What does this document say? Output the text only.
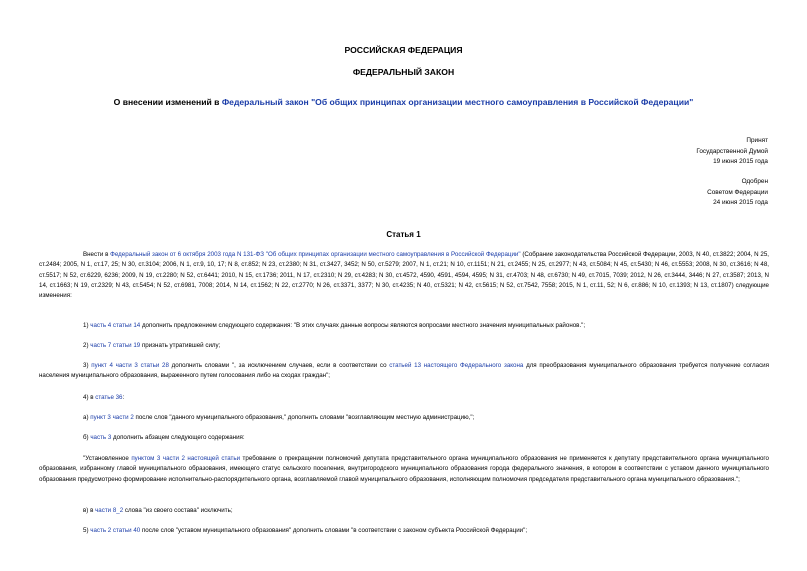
РОССИЙСКАЯ ФЕДЕРАЦИЯ
ФЕДЕРАЛЬНЫЙ ЗАКОН
О внесении изменений в Федеральный закон "Об общих принципах организации местного самоуправления в Российской Федерации"
Принят
Государственной Думой
19 июня 2015 года
Одобрен
Советом Федерации
24 июня 2015 года
Статья 1
Внести в Федеральный закон от 6 октября 2003 года N 131-ФЗ "Об общих принципах организации местного самоуправления в Российской Федерации" (Собрание законодательства Российской Федерации, 2003, N 40, ст.3822; 2004, N 25, ст.2484; 2005, N 1, ст.17, 25; N 30, ст.3104; 2006, N 1, ст.9, 10, 17; N 8, ст.852; N 23, ст.2380; N 31, ст.3427, 3452; N 50, ст.5279; 2007, N 1, ст.21; N 10, ст.1151; N 21, ст.2455; N 25, ст.2977; N 43, ст.5084; N 45, ст.5430; N 46, ст.5553; 2008, N 30, ст.3616; N 48, ст.5517; N 52, ст.6229, 6236; 2009, N 19, ст.2280; N 52, ст.6441; 2010, N 15, ст.1736; 2011, N 17, ст.2310; N 29, ст.4283; N 30, ст.4572, 4590, 4591, 4594, 4595; N 31, ст.4703; N 48, ст.6730; N 49, ст.7015, 7039; 2012, N 26, ст.3444, 3446; N 27, ст.3587; 2013, N 14, ст.1663; N 19, ст.2329; N 43, ст.5454; N 52, ст.6981, 7008; 2014, N 14, ст.1562; N 22, ст.2770; N 26, ст.3371, 3377; N 30, ст.4235; N 40, ст.5321; N 42, ст.5615; N 52, ст.7542, 7558; 2015, N 1, ст.11, 52; N 6, ст.886; N 10, ст.1393; N 13, ст.1807) следующие изменения:
1) часть 4 статьи 14 дополнить предложением следующего содержания: "В этих случаях данные вопросы являются вопросами местного значения муниципальных районов.";
2) часть 7 статьи 19 признать утратившей силу;
3) пункт 4 части 3 статьи 28 дополнить словами ", за исключением случаев, если в соответствии со статьей 13 настоящего Федерального закона для преобразования муниципального образования требуется получение согласия населения муниципального образования, выраженного путем голосования либо на сходах граждан";
4) в статье 36:
а) пункт 3 части 2 после слов "данного муниципального образования," дополнить словами "возглавляющим местную администрацию,";
б) часть 3 дополнить абзацем следующего содержания:
"Установленное пунктом 3 части 2 настоящей статьи требование о прекращении полномочий депутата представительного органа муниципального образования не применяется к депутату представительного органа муниципального образования, избранному главой муниципального образования, имеющего статус сельского поселения, внутригородского муниципального образования города федерального значения, в котором в соответствии с уставом данного муниципального образования предусмотрено формирование исполнительно-распорядительного органа, возглавляемой главой муниципального образования, исполняющим полномочия председателя представительного органа муниципального образования.";
в) в части 8_2 слова "из своего состава" исключить;
5) часть 2 статьи 40 после слов "уставом муниципального образования" дополнить словами "в соответствии с законом субъекта Российской Федерации";
